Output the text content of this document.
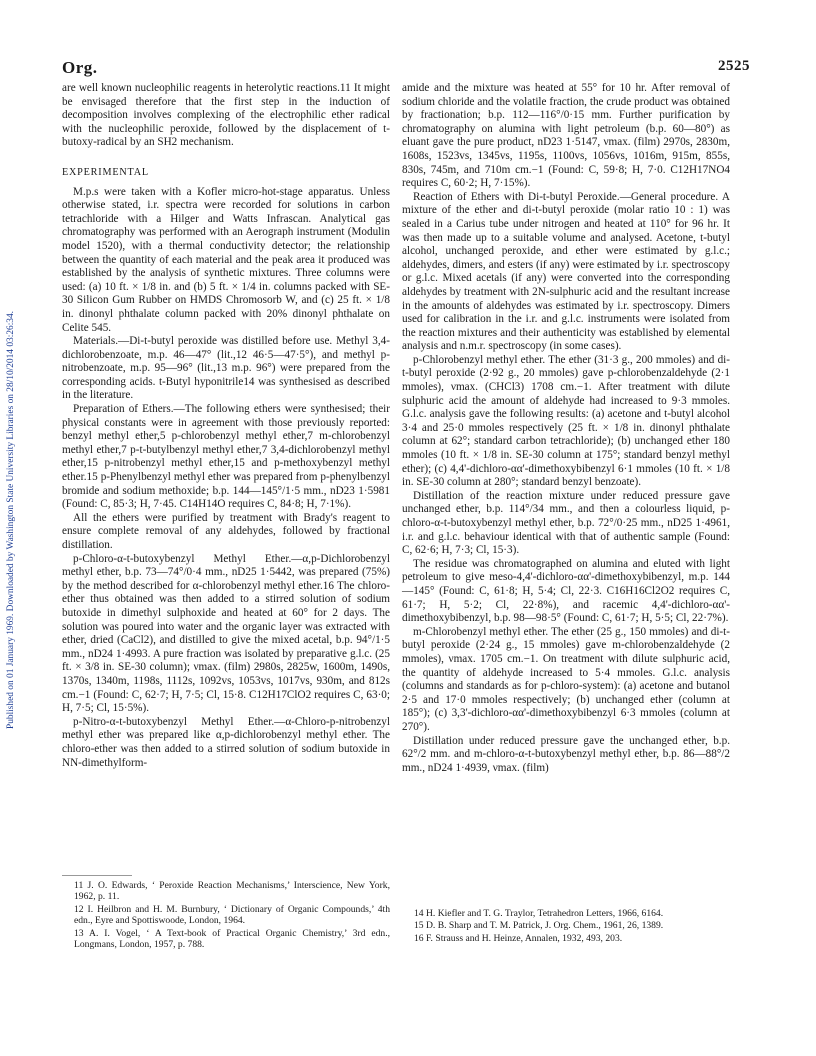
Published on 01 January 1969. Downloaded by Washington State University Libraries on 28/10/2014 03:26:34.
Org.	2525

are well known nucleophilic reagents in heterolytic reactions.11 It might be envisaged therefore that the first step in the induction of decomposition involves complexing of the electrophilic ether radical with the nucleophilic peroxide, followed by the displacement of t-butoxy-radical by an SH2 mechanism.

EXPERIMENTAL

M.p.s were taken with a Kofler micro-hot-stage apparatus. Unless otherwise stated, i.r. spectra were recorded for solutions in carbon tetrachloride with a Hilger and Watts Infrascan. Analytical gas chromatography was performed with an Aerograph instrument (Modulin model 1520), with a thermal conductivity detector; the relationship between the quantity of each material and the peak area it produced was established by the analysis of synthetic mixtures. Three columns were used: (a) 10 ft. × 1/8 in. and (b) 5 ft. × 1/4 in. columns packed with SE-30 Silicon Gum Rubber on HMDS Chromosorb W, and (c) 25 ft. × 1/8 in. dinonyl phthalate column packed with 20% dinonyl phthalate on Celite 545.

Materials.—Di-t-butyl peroxide was distilled before use. Methyl 3,4-dichlorobenzoate, m.p. 46—47° (lit.,12 46·5—47·5°), and methyl p-nitrobenzoate, m.p. 95—96° (lit.,13 m.p. 96°) were prepared from the corresponding acids. t-Butyl hyponitrile14 was synthesised as described in the literature.

Preparation of Ethers.—The following ethers were synthesised; their physical constants were in agreement with those previously reported: benzyl methyl ether,5 p-chlorobenzyl methyl ether,7 m-chlorobenzyl methyl ether,7 p-t-butylbenzyl methyl ether,7 3,4-dichlorobenzyl methyl ether,15 p-nitrobenzyl methyl ether,15 and p-methoxybenzyl methyl ether.15 p-Phenylbenzyl methyl ether was prepared from p-phenylbenzyl bromide and sodium methoxide; b.p. 144—145°/1·5 mm., nD23 1·5981 (Found: C, 85·3; H, 7·45. C14H14O requires C, 84·8; H, 7·1%).

All the ethers were purified by treatment with Brady's reagent to ensure complete removal of any aldehydes, followed by fractional distillation.

p-Chloro-α-t-butoxybenzyl Methyl Ether.—α,p-Dichlorobenzyl methyl ether, b.p. 73—74°/0·4 mm., nD25 1·5442, was prepared (75%) by the method described for α-chlorobenzyl methyl ether.16 The chloro-ether thus obtained was then added to a stirred solution of sodium butoxide in dimethyl sulphoxide and heated at 60° for 2 days. The solution was poured into water and the organic layer was extracted with ether, dried (CaCl2), and distilled to give the mixed acetal, b.p. 94°/1·5 mm., nD24 1·4993. A pure fraction was isolated by preparative g.l.c. (25 ft. × 3/8 in. SE-30 column); νmax. (film) 2980s, 2825w, 1600m, 1490s, 1370s, 1340m, 1198s, 1112s, 1092vs, 1053vs, 1017vs, 930m, and 812s cm.−1 (Found: C, 62·7; H, 7·5; Cl, 15·8. C12H17ClO2 requires C, 63·0; H, 7·5; Cl, 15·5%).

p-Nitro-α-t-butoxybenzyl Methyl Ether.—α-Chloro-p-nitrobenzyl methyl ether was prepared like α,p-dichlorobenzyl methyl ether. The chloro-ether was then added to a stirred solution of sodium butoxide in NN-dimethylform-

amide and the mixture was heated at 55° for 10 hr. After removal of sodium chloride and the volatile fraction, the crude product was obtained by fractionation; b.p. 112—116°/0·15 mm. Further purification by chromatography on alumina with light petroleum (b.p. 60—80°) as eluant gave the pure product, nD23 1·5147, νmax. (film) 2970s, 2830m, 1608s, 1523vs, 1345vs, 1195s, 1100vs, 1056vs, 1016m, 915m, 855s, 830s, 745m, and 710m cm.−1 (Found: C, 59·8; H, 7·0. C12H17NO4 requires C, 60·2; H, 7·15%).

Reaction of Ethers with Di-t-butyl Peroxide.—General procedure. A mixture of the ether and di-t-butyl peroxide (molar ratio 10 : 1) was sealed in a Carius tube under nitrogen and heated at 110° for 96 hr. It was then made up to a suitable volume and analysed. Acetone, t-butyl alcohol, unchanged peroxide, and ether were estimated by g.l.c.; aldehydes, dimers, and esters (if any) were estimated by i.r. spectroscopy or g.l.c. Mixed acetals (if any) were converted into the corresponding aldehydes by treatment with 2N-sulphuric acid and the resultant increase in the amounts of aldehydes was estimated by i.r. spectroscopy. Dimers used for calibration in the i.r. and g.l.c. instruments were isolated from the reaction mixtures and their authenticity was established by elemental analysis and n.m.r. spectroscopy (in some cases).

p-Chlorobenzyl methyl ether. The ether (31·3 g., 200 mmoles) and di-t-butyl peroxide (2·92 g., 20 mmoles) gave p-chlorobenzaldehyde (2·1 mmoles), νmax. (CHCl3) 1708 cm.−1. After treatment with dilute sulphuric acid the amount of aldehyde had increased to 9·3 mmoles. G.l.c. analysis gave the following results: (a) acetone and t-butyl alcohol 3·4 and 25·0 mmoles respectively (25 ft. × 1/8 in. dinonyl phthalate column at 62°; standard carbon tetrachloride); (b) unchanged ether 180 mmoles (10 ft. × 1/8 in. SE-30 column at 175°; standard benzyl methyl ether); (c) 4,4'-dichloro-αα'-dimethoxybibenzyl 6·1 mmoles (10 ft. × 1/8 in. SE-30 column at 280°; standard benzyl benzoate).

Distillation of the reaction mixture under reduced pressure gave unchanged ether, b.p. 114°/34 mm., and then a colourless liquid, p-chloro-α-t-butoxybenzyl methyl ether, b.p. 72°/0·25 mm., nD25 1·4961, i.r. and g.l.c. behaviour identical with that of authentic sample (Found: C, 62·6; H, 7·3; Cl, 15·3).

The residue was chromatographed on alumina and eluted with light petroleum to give meso-4,4'-dichloro-αα'-dimethoxybibenzyl, m.p. 144—145° (Found: C, 61·8; H, 5·4; Cl, 22·3. C16H16Cl2O2 requires C, 61·7; H, 5·2; Cl, 22·8%), and racemic 4,4'-dichloro-αα'-dimethoxybibenzyl, b.p. 98—98·5° (Found: C, 61·7; H, 5·5; Cl, 22·7%).

m-Chlorobenzyl methyl ether. The ether (25 g., 150 mmoles) and di-t-butyl peroxide (2·24 g., 15 mmoles) gave m-chlorobenzaldehyde (2 mmoles), νmax. 1705 cm.−1. On treatment with dilute sulphuric acid, the quantity of aldehyde increased to 5·4 mmoles. G.l.c. analysis (columns and standards as for p-chloro-system): (a) acetone and butanol 2·5 and 17·0 mmoles respectively; (b) unchanged ether (column at 185°); (c) 3,3'-dichloro-αα'-dimethoxybibenzyl 6·3 mmoles (column at 270°).

Distillation under reduced pressure gave the unchanged ether, b.p. 62°/2 mm. and m-chloro-α-t-butoxybenzyl methyl ether, b.p. 86—88°/2 mm., nD24 1·4939, νmax. (film)

11 J. O. Edwards, ‘ Peroxide Reaction Mechanisms,’ Interscience, New York, 1962, p. 11.

12 I. Heilbron and H. M. Burnbury, ‘ Dictionary of Organic Compounds,’ 4th edn., Eyre and Spottiswoode, London, 1964.

13 A. I. Vogel, ‘ A Text-book of Practical Organic Chemistry,’ 3rd edn., Longmans, London, 1957, p. 788.

14 H. Kiefler and T. G. Traylor, Tetrahedron Letters, 1966, 6164.

15 D. B. Sharp and T. M. Patrick, J. Org. Chem., 1961, 26, 1389.

16 F. Strauss and H. Heinze, Annalen, 1932, 493, 203.
